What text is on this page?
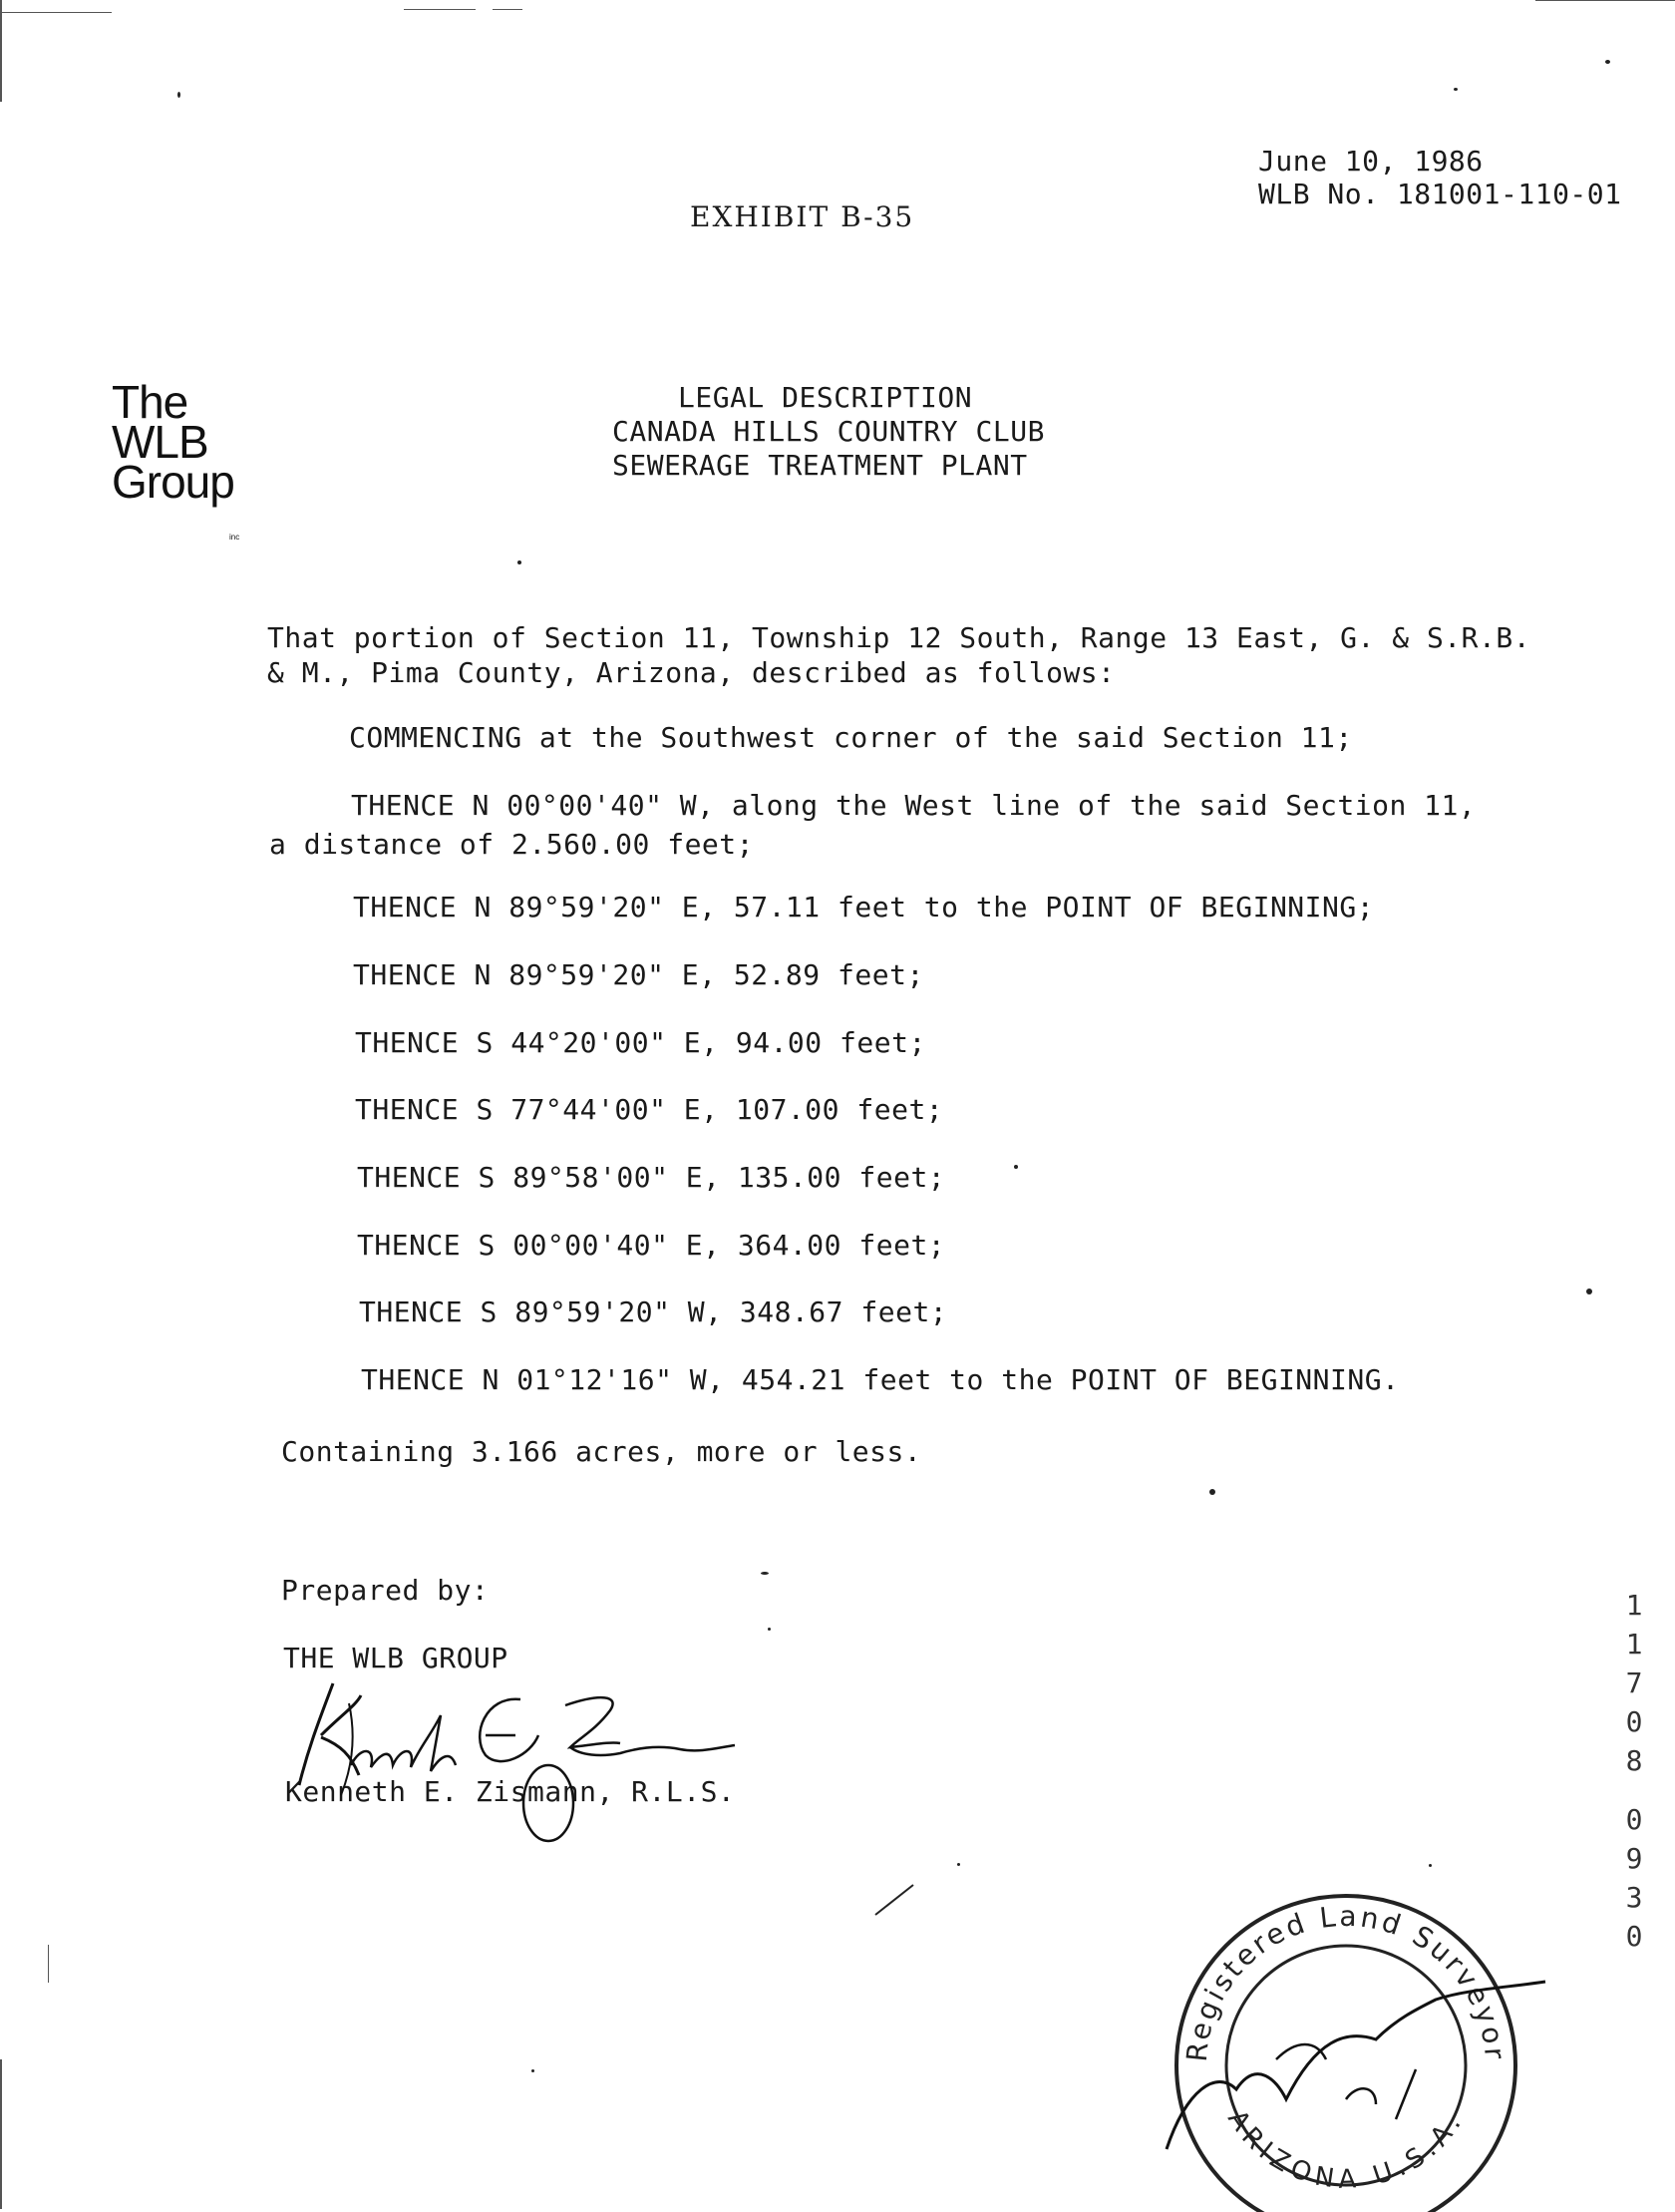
June 10, 1986
WLB No. 181001-110-01
EXHIBIT B-35
The
WLB
Group
inc
LEGAL DESCRIPTION
CANADA HILLS COUNTRY CLUB
SEWERAGE TREATMENT PLANT
That portion of Section 11, Township 12 South, Range 13 East, G. & S.R.B.
& M., Pima County, Arizona, described as follows:
COMMENCING at the Southwest corner of the said Section 11;
THENCE N 00°00'40" W, along the West line of the said Section 11,
a distance of 2.560.00 feet;
THENCE N 89°59'20" E, 57.11 feet to the POINT OF BEGINNING;
THENCE N 89°59'20" E, 52.89 feet;
THENCE S 44°20'00" E, 94.00 feet;
THENCE S 77°44'00" E, 107.00 feet;
THENCE S 89°58'00" E, 135.00 feet;
THENCE S 00°00'40" E, 364.00 feet;
THENCE S 89°59'20" W, 348.67 feet;
THENCE N 01°12'16" W, 454.21 feet to the POINT OF BEGINNING.
Containing 3.166 acres, more or less.
Prepared by:
THE WLB GROUP
Kenneth E. Zismann, R.L.S.
Registered Land Surveyor
ARIZONA U.S.A.
1
1
7
0
8
0
9
3
0
